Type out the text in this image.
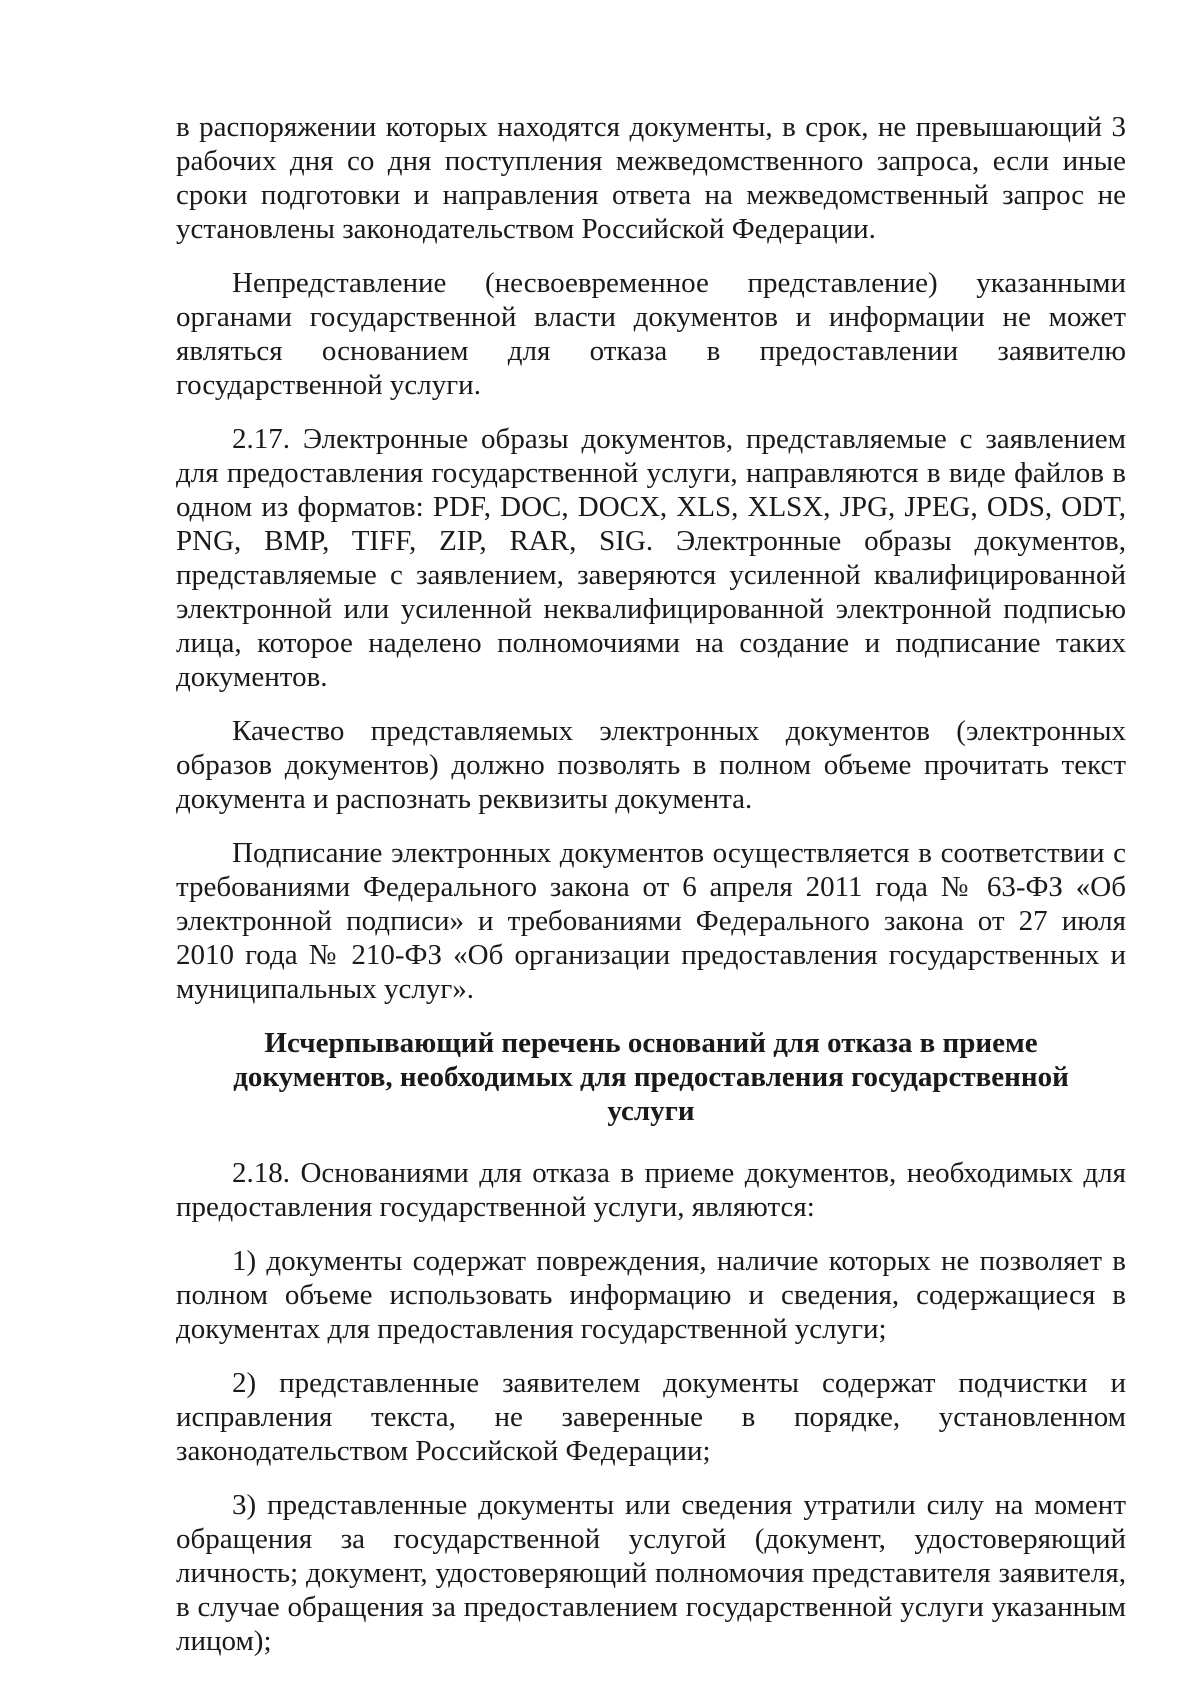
в распоряжении которых находятся документы, в срок, не превышающий 3 рабочих дня со дня поступления межведомственного запроса, если иные сроки подготовки и направления ответа на межведомственный запрос не установлены законодательством Российской Федерации.

Непредставление (несвоевременное представление) указанными органами государственной власти документов и информации не может являться основанием для отказа в предоставлении заявителю государственной услуги.

2.17. Электронные образы документов, представляемые с заявлением для предоставления государственной услуги, направляются в виде файлов в одном из форматов: PDF, DOC, DOCX, XLS, XLSX, JPG, JPEG, ODS, ODT, PNG, BMP, TIFF, ZIP, RAR, SIG. Электронные образы документов, представляемые с заявлением, заверяются усиленной квалифицированной электронной или усиленной неквалифицированной электронной подписью лица, которое наделено полномочиями на создание и подписание таких документов.

Качество представляемых электронных документов (электронных образов документов) должно позволять в полном объеме прочитать текст документа и распознать реквизиты документа.

Подписание электронных документов осуществляется в соответствии с требованиями Федерального закона от 6 апреля 2011 года № 63-ФЗ «Об электронной подписи» и требованиями Федерального закона от 27 июля 2010 года № 210-ФЗ «Об организации предоставления государственных и муниципальных услуг».

Исчерпывающий перечень оснований для отказа в приеме документов, необходимых для предоставления государственной услуги

2.18. Основаниями для отказа в приеме документов, необходимых для предоставления государственной услуги, являются:

1) документы содержат повреждения, наличие которых не позволяет в полном объеме использовать информацию и сведения, содержащиеся в документах для предоставления государственной услуги;

2) представленные заявителем документы содержат подчистки и исправления текста, не заверенные в порядке, установленном законодательством Российской Федерации;

3) представленные документы или сведения утратили силу на момент обращения за государственной услугой (документ, удостоверяющий личность; документ, удостоверяющий полномочия представителя заявителя, в случае обращения за предоставлением государственной услуги указанным лицом);
